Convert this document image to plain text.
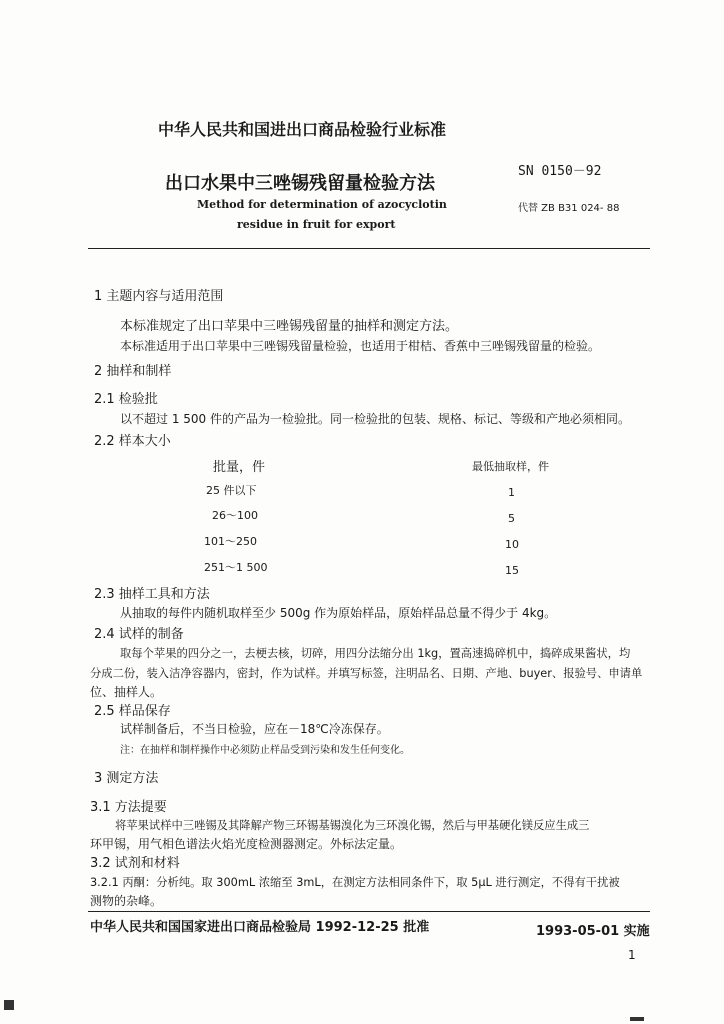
中华人民共和国进出口商品检验行业标准
出口水果中三唑锡残留量检验方法
SN 0150－92
Method for determination of azocyclotin
residue in fruit for export
代替 ZB B31 024- 88
1 主题内容与适用范围
本标准规定了出口苹果中三唑锡残留量的抽样和测定方法。
本标准适用于出口苹果中三唑锡残留量检验，也适用于柑桔、香蕉中三唑锡残留量的检验。
2 抽样和制样
2.1 检验批
以不超过 1 500 件的产品为一检验批。同一检验批的包装、规格、标记、等级和产地必须相同。
2.2 样本大小
批量，件	最低抽取样，件
25 件以下	1
26～100	5
101～250	10
251～1 500	15
2.3 抽样工具和方法
从抽取的每件内随机取样至少 500g 作为原始样品，原始样品总量不得少于 4kg。
2.4 试样的制备
取每个苹果的四分之一，去梗去核，切碎，用四分法缩分出 1kg，置高速捣碎机中，捣碎成果酱状，均
分成二份，装入洁净容器内，密封，作为试样。并填写标签，注明品名、日期、产地、buyer、报验号、申请单
位、抽样人。
2.5 样品保存
试样制备后，不当日检验，应在－18℃冷冻保存。
注：在抽样和制样操作中必须防止样品受到污染和发生任何变化。
3 测定方法
3.1 方法提要
将苹果试样中三唑锡及其降解产物三环锡基锡溴化为三环溴化锡，然后与甲基硬化镁反应生成三
环甲锡，用气相色谱法火焰光度检测器测定。外标法定量。
3.2 试剂和材料
3.2.1 丙酮：分析纯。取 300mL 浓缩至 3mL，在测定方法相同条件下，取 5μL 进行测定，不得有干扰被
测物的杂峰。
中华人民共和国国家进出口商品检验局 1992-12-25 批准	1993-05-01 实施
1
